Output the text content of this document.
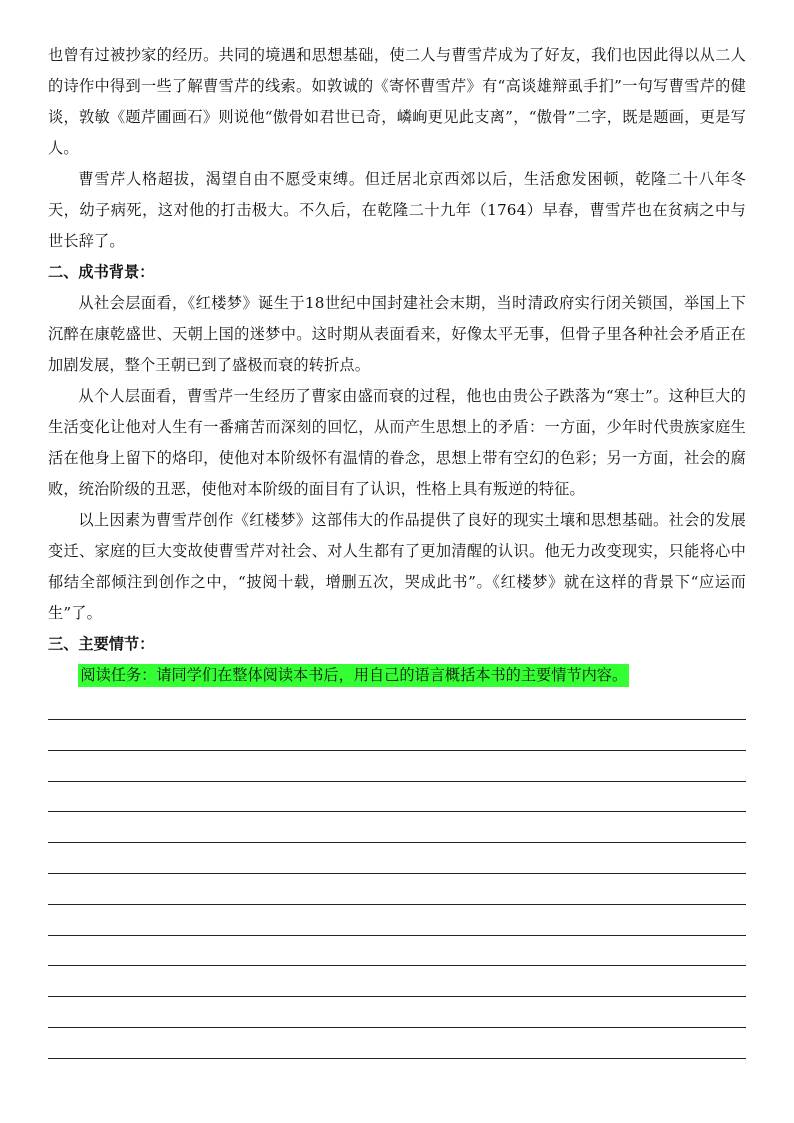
也曾有过被抄家的经历。共同的境遇和思想基础，使二人与曹雪芹成为了好友，我们也因此得以从二人的诗作中得到一些了解曹雪芹的线索。如敦诚的《寄怀曹雪芹》有“高谈雄辩虱手扪”一句写曹雪芹的健谈，敦敏《题芹圃画石》则说他“傲骨如君世已奇，嶙峋更见此支离”，“傲骨”二字，既是题画，更是写人。

曹雪芹人格超拔，渴望自由不愿受束缚。但迁居北京西郊以后，生活愈发困顿，乾隆二十八年冬天，幼子病死，这对他的打击极大。不久后，在乾隆二十九年（1764）早春，曹雪芹也在贫病之中与世长辞了。

二、成书背景：

从社会层面看，《红楼梦》诞生于18世纪中国封建社会末期，当时清政府实行闭关锁国，举国上下沉醉在康乾盛世、天朝上国的迷梦中。这时期从表面看来，好像太平无事，但骨子里各种社会矛盾正在加剧发展，整个王朝已到了盛极而衰的转折点。

从个人层面看，曹雪芹一生经历了曹家由盛而衰的过程，他也由贵公子跌落为“寒士”。这种巨大的生活变化让他对人生有一番痛苦而深刻的回忆，从而产生思想上的矛盾：一方面，少年时代贵族家庭生活在他身上留下的烙印，使他对本阶级怀有温情的眷念，思想上带有空幻的色彩；另一方面，社会的腐败，统治阶级的丑恶，使他对本阶级的面目有了认识，性格上具有叛逆的特征。

以上因素为曹雪芹创作《红楼梦》这部伟大的作品提供了良好的现实土壤和思想基础。社会的发展变迁、家庭的巨大变故使曹雪芹对社会、对人生都有了更加清醒的认识。他无力改变现实，只能将心中郁结全部倾注到创作之中，“披阅十载，增删五次，哭成此书”。《红楼梦》就在这样的背景下“应运而生”了。

三、主要情节：

阅读任务：请同学们在整体阅读本书后，用自己的语言概括本书的主要情节内容。
